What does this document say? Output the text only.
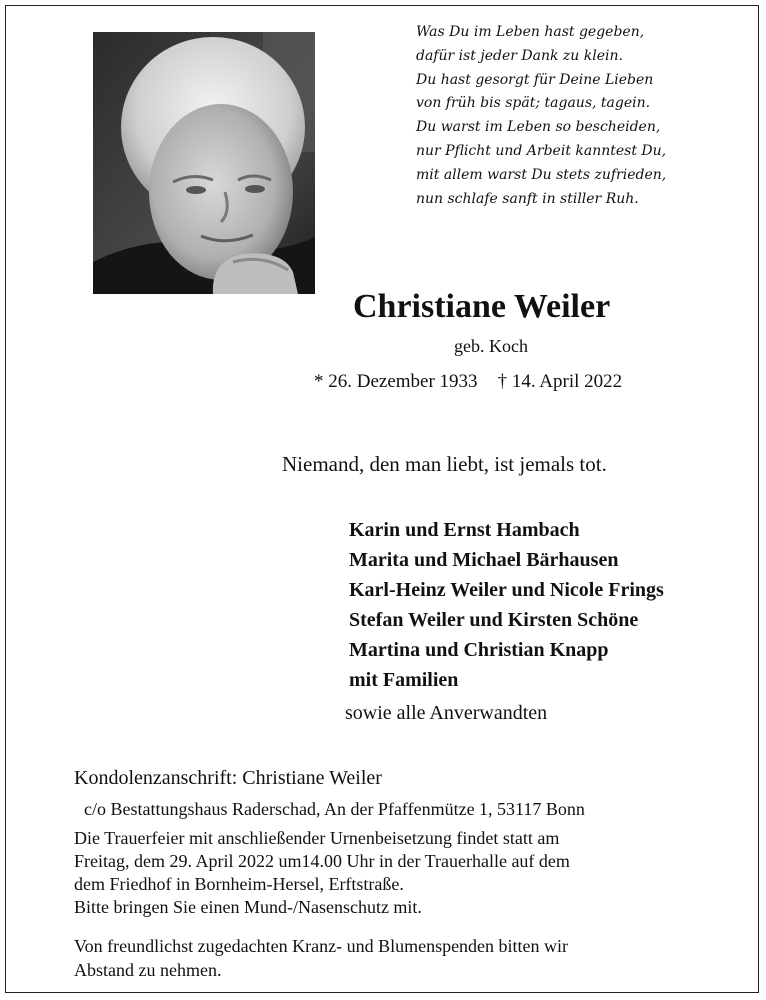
Was Du im Leben hast gegeben,
dafür ist jeder Dank zu klein.
Du hast gesorgt für Deine Lieben
von früh bis spät; tagaus, tagein.
Du warst im Leben so bescheiden,
nur Pflicht und Arbeit kanntest Du,
mit allem warst Du stets zufrieden,
nun schlafe sanft in stiller Ruh.
Christiane Weiler
geb. Koch
* 26. Dezember 1933 † 14. April 2022
Niemand, den man liebt, ist jemals tot.
Karin und Ernst Hambach
Marita und Michael Bärhausen
Karl-Heinz Weiler und Nicole Frings
Stefan Weiler und Kirsten Schöne
Martina und Christian Knapp
mit Familien
sowie alle Anverwandten
Kondolenzanschrift: Christiane Weiler
c/o Bestattungshaus Raderschad, An der Pfaffenmütze 1, 53117 Bonn
Die Trauerfeier mit anschließender Urnenbeisetzung findet statt am
Freitag, dem 29. April 2022 um14.00 Uhr in der Trauerhalle auf dem
dem Friedhof in Bornheim-Hersel, Erftstraße.
Bitte bringen Sie einen Mund-/Nasenschutz mit.
Von freundlichst zugedachten Kranz- und Blumenspenden bitten wir
Abstand zu nehmen.
